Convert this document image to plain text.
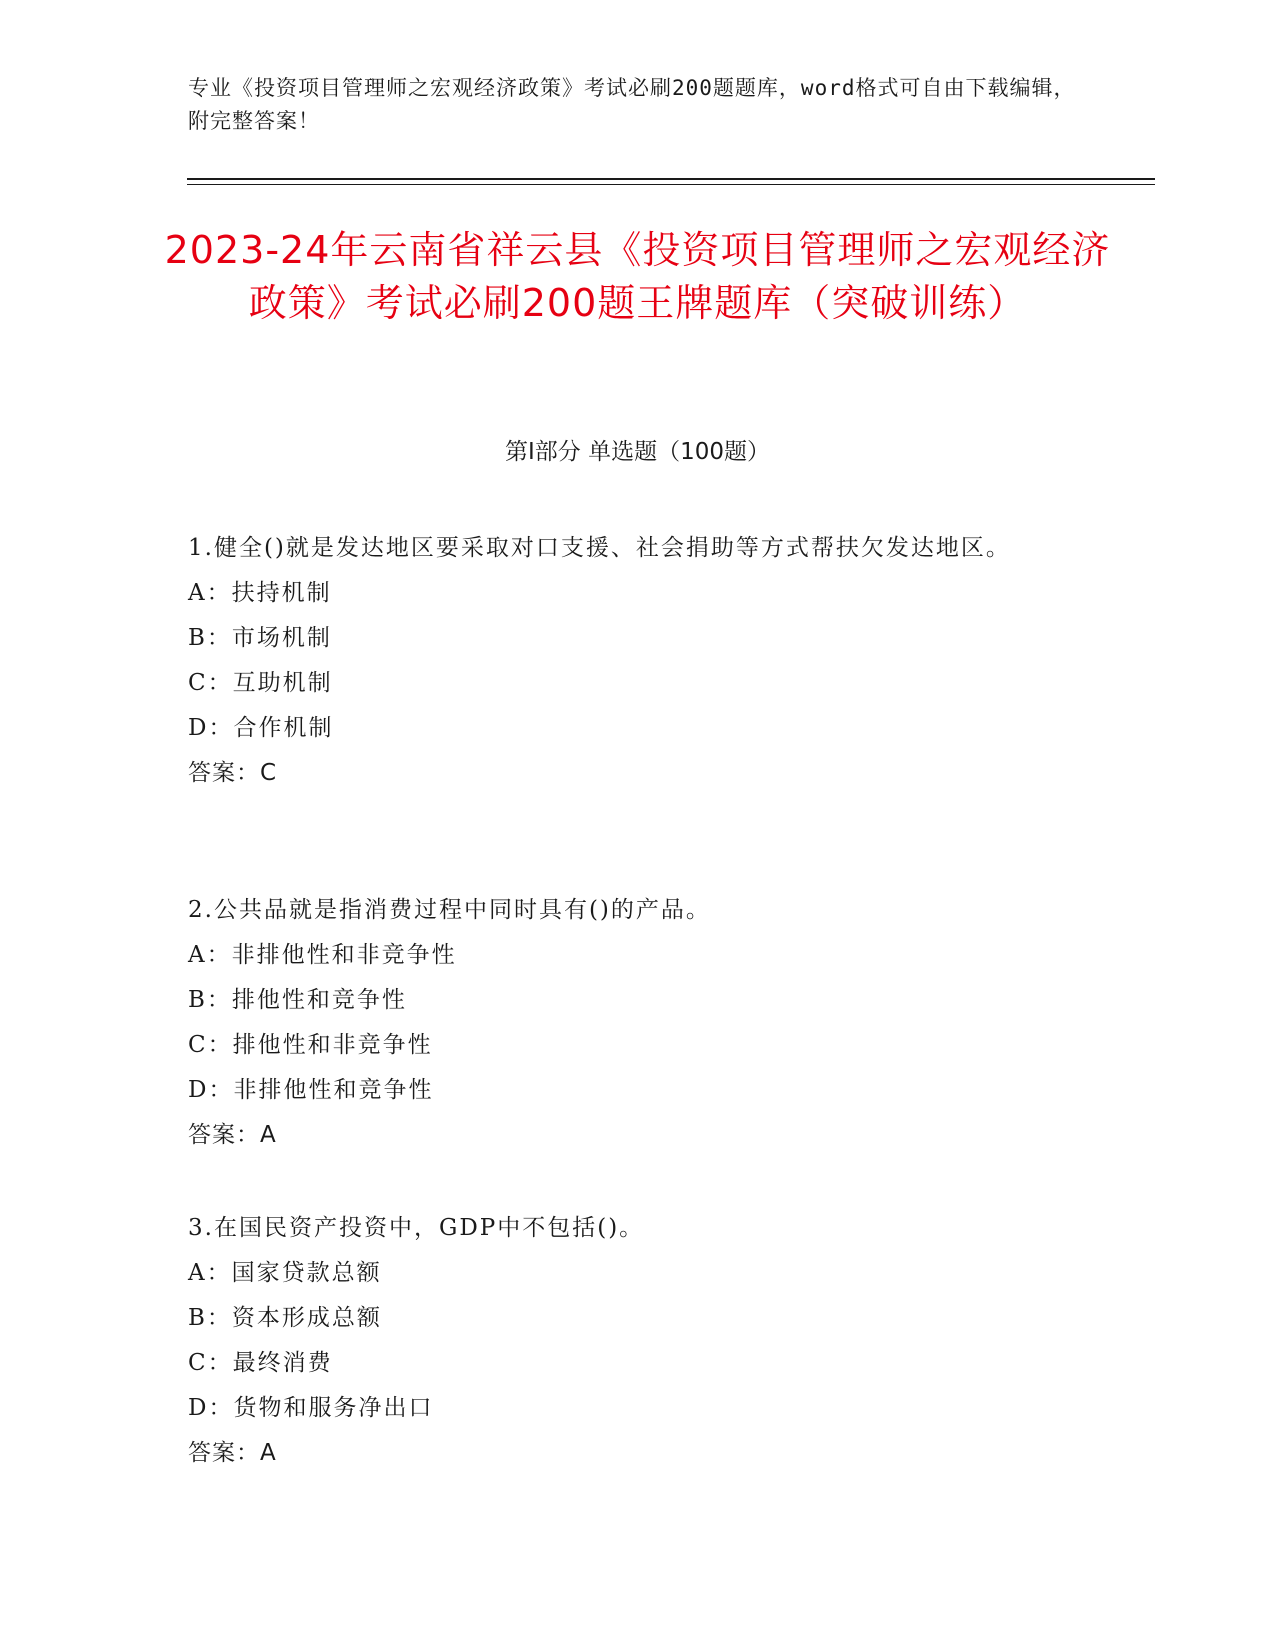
专业《投资项目管理师之宏观经济政策》考试必刷200题题库，word格式可自由下载编辑，附完整答案！
2023-24年云南省祥云县《投资项目管理师之宏观经济政策》考试必刷200题王牌题库（突破训练）
第I部分 单选题（100题）
1.健全()就是发达地区要采取对口支援、社会捐助等方式帮扶欠发达地区。
A：扶持机制
B：市场机制
C：互助机制
D：合作机制
答案：C
2.公共品就是指消费过程中同时具有()的产品。
A：非排他性和非竞争性
B：排他性和竞争性
C：排他性和非竞争性
D：非排他性和竞争性
答案：A
3.在国民资产投资中，GDP中不包括()。
A：国家贷款总额
B：资本形成总额
C：最终消费
D：货物和服务净出口
答案：A
